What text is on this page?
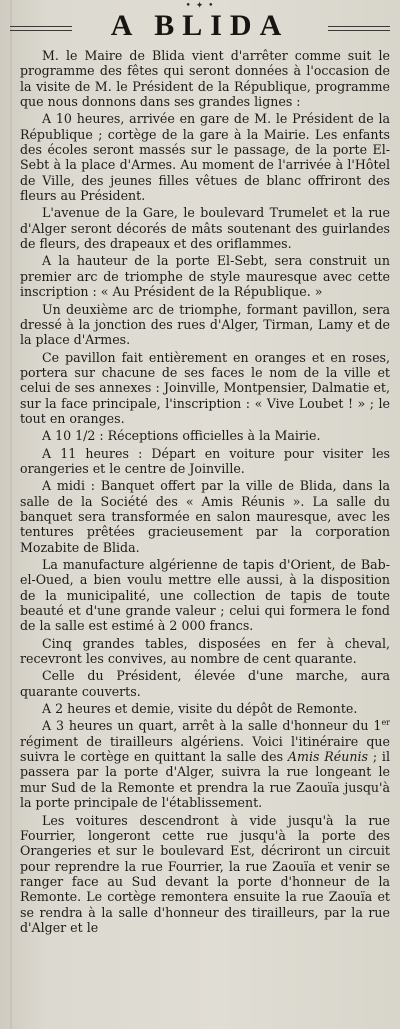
• ✦ •
A BLIDA

M. le Maire de Blida vient d'arrêter comme suit le programme des fêtes qui seront données à l'occasion de la visite de M. le Président de la République, programme que nous donnons dans ses grandes lignes :

A 10 heures, arrivée en gare de M. le Président de la République ; cortège de la gare à la Mairie. Les enfants des écoles seront massés sur le passage, de la porte El-Sebt à la place d'Armes. Au moment de l'arrivée à l'Hôtel de Ville, des jeunes filles vêtues de blanc offriront des fleurs au Président.

L'avenue de la Gare, le boulevard Trumelet et la rue d'Alger seront décorés de mâts soutenant des guirlandes de fleurs, des drapeaux et des oriflammes.

A la hauteur de la porte El-Sebt, sera construit un premier arc de triomphe de style mauresque avec cette inscription : « Au Président de la République. »

Un deuxième arc de triomphe, formant pavillon, sera dressé à la jonction des rues d'Alger, Tirman, Lamy et de la place d'Armes.

Ce pavillon fait entièrement en oranges et en roses, portera sur chacune de ses faces le nom de la ville et celui de ses annexes : Joinville, Montpensier, Dalmatie et, sur la face principale, l'inscription : « Vive Loubet ! » ; le tout en oranges.

A 10 1/2 : Réceptions officielles à la Mairie.

A 11 heures : Départ en voiture pour visiter les orangeries et le centre de Joinville.

A midi : Banquet offert par la ville de Blida, dans la salle de la Société des « Amis Réunis ». La salle du banquet sera transformée en salon mauresque, avec les tentures prêtées gracieusement par la corporation Mozabite de Blida.

La manufacture algérienne de tapis d'Orient, de Bab-el-Oued, a bien voulu mettre elle aussi, à la disposition de la municipalité, une collection de tapis de toute beauté et d'une grande valeur ; celui qui formera le fond de la salle est estimé à 2 000 francs.

Cinq grandes tables, disposées en fer à cheval, recevront les convives, au nombre de cent quarante.

Celle du Président, élevée d'une marche, aura quarante couverts.

A 2 heures et demie, visite du dépôt de Remonte.

A 3 heures un quart, arrêt à la salle d'honneur du 1er régiment de tirailleurs algériens. Voici l'itinéraire que suivra le cortège en quittant la salle des Amis Réunis ; il passera par la porte d'Alger, suivra la rue longeant le mur Sud de la Remonte et prendra la rue Zaouïa jusqu'à la porte principale de l'établissement.

Les voitures descendront à vide jusqu'à la rue Fourrier, longeront cette rue jusqu'à la porte des Orangeries et sur le boulevard Est, décriront un circuit pour reprendre la rue Fourrier, la rue Zaouïa et venir se ranger face au Sud devant la porte d'honneur de la Remonte. Le cortège remontera ensuite la rue Zaouïa et se rendra à la salle d'honneur des tirailleurs, par la rue d'Alger et le
